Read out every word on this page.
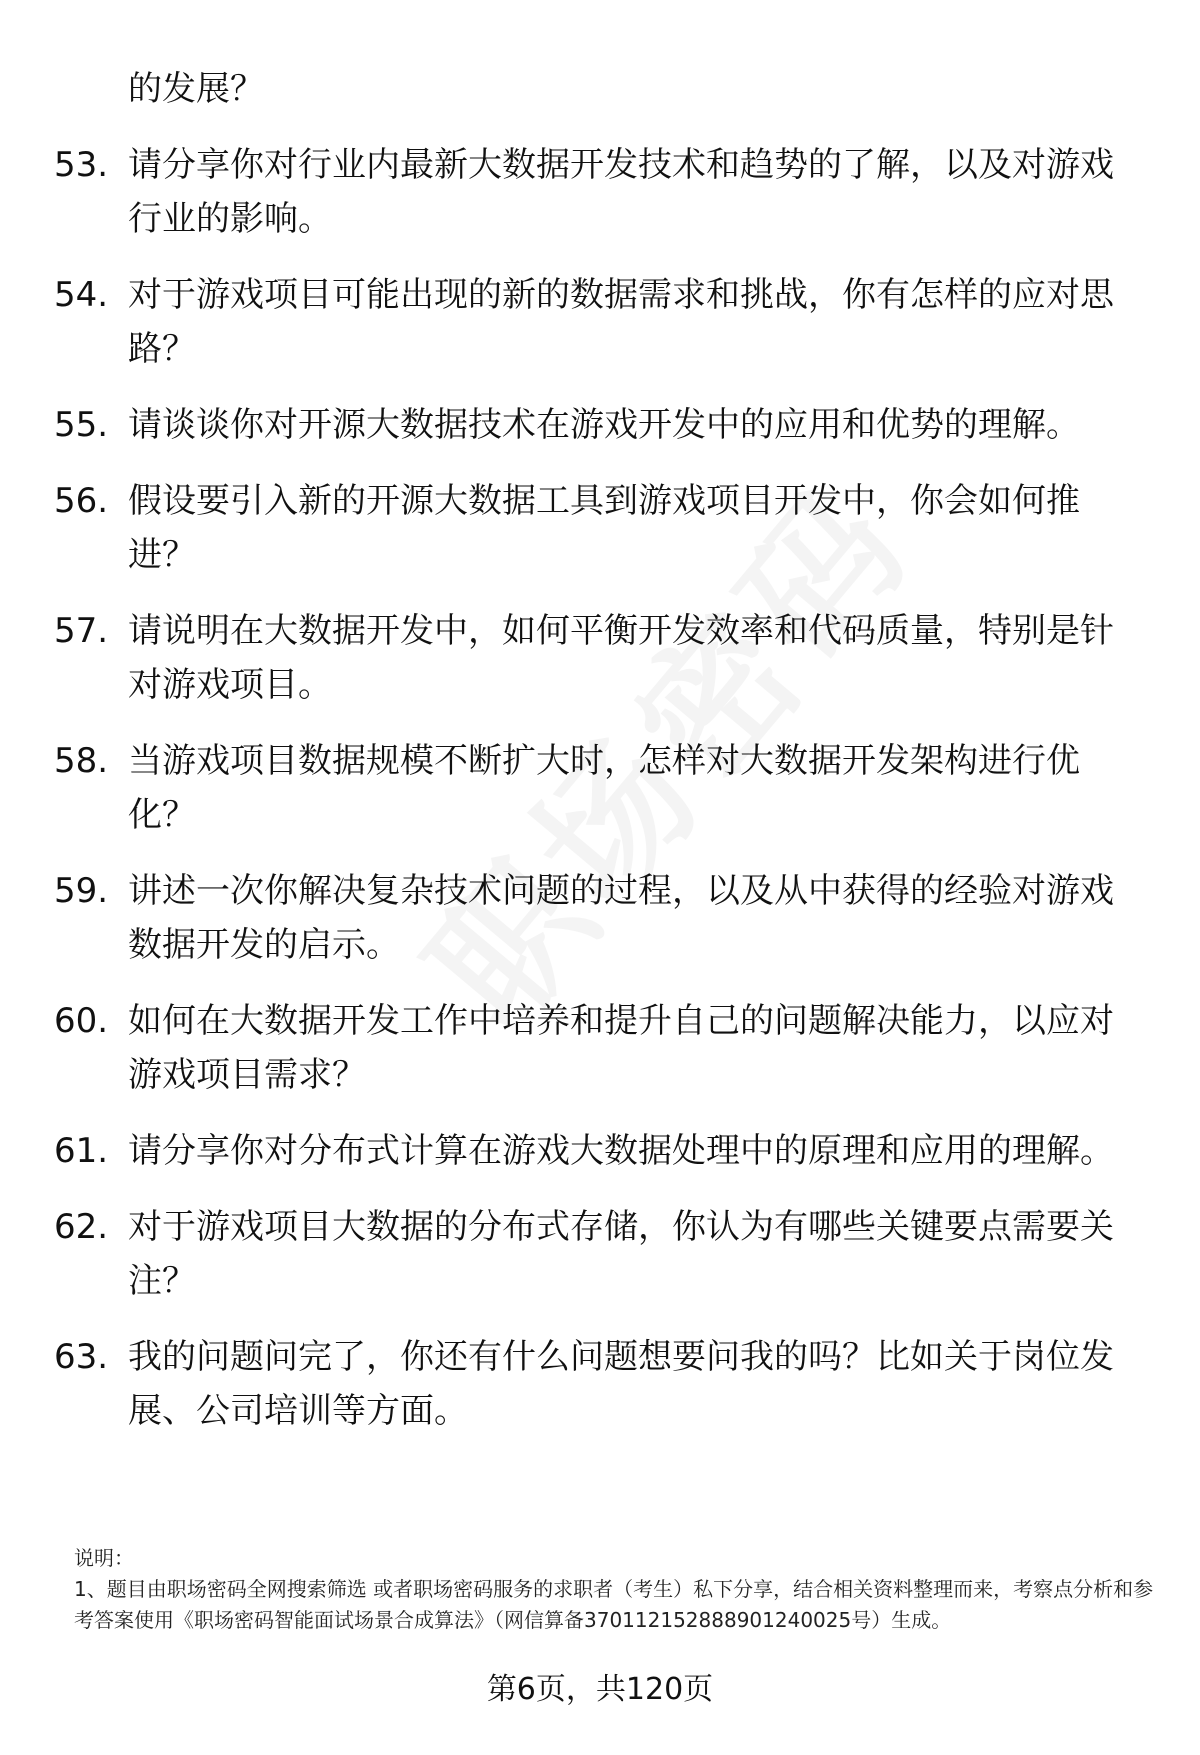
的发展？

53. 请分享你对行业内最新大数据开发技术和趋势的了解，以及对游戏行业的影响。

54. 对于游戏项目可能出现的新的数据需求和挑战，你有怎样的应对思路？

55. 请谈谈你对开源大数据技术在游戏开发中的应用和优势的理解。

56. 假设要引入新的开源大数据工具到游戏项目开发中，你会如何推进？

57. 请说明在大数据开发中，如何平衡开发效率和代码质量，特别是针对游戏项目。

58. 当游戏项目数据规模不断扩大时，怎样对大数据开发架构进行优化？

59. 讲述一次你解决复杂技术问题的过程，以及从中获得的经验对游戏数据开发的启示。

60. 如何在大数据开发工作中培养和提升自己的问题解决能力，以应对游戏项目需求？

61. 请分享你对分布式计算在游戏大数据处理中的原理和应用的理解。

62. 对于游戏项目大数据的分布式存储，你认为有哪些关键要点需要关注？

63. 我的问题问完了，你还有什么问题想要问我的吗？比如关于岗位发展、公司培训等方面。

说明：

1、题目由职场密码全网搜索筛选 或者职场密码服务的求职者（考生）私下分享，结合相关资料整理而来，考察点分析和参考答案使用《职场密码智能面试场景合成算法》（网信算备370112152888901240025号）生成。

第6页，共120页
